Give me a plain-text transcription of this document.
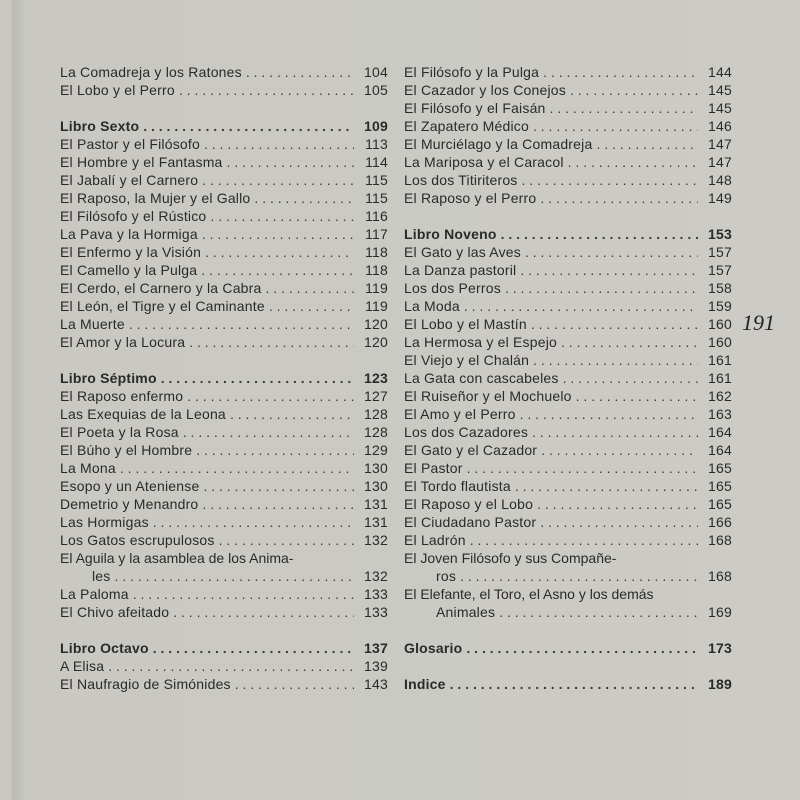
La Comadreja y los Ratones . . .	104
El Lobo y el Perro . . .	105
Libro Sexto . . .	109
El Pastor y el Filósofo . . .	113
El Hombre y el Fantasma . . .	114
El Jabalí y el Carnero . . .	115
El Raposo, la Mujer y el Gallo . . .	115
El Filósofo y el Rústico . . .	116
La Pava y la Hormiga . . .	117
El Enfermo y la Visión . . .	118
El Camello y la Pulga . . .	118
El Cerdo, el Carnero y la Cabra . . .	119
El León, el Tigre y el Caminante . . .	119
La Muerte . . .	120
El Amor y la Locura . . .	120
Libro Séptimo . . .	123
El Raposo enfermo . . .	127
Las Exequias de la Leona . . .	128
El Poeta y la Rosa . . .	128
El Búho y el Hombre . . .	129
La Mona . . .	130
Esopo y un Ateniense . . .	130
Demetrio y Menandro . . .	131
Las Hormigas . . .	131
Los Gatos escrupulosos . . .	132
El Aguila y la asamblea de los Anima-
les . . .	132
La Paloma . . .	133
El Chivo afeitado . . .	133
Libro Octavo . . .	137
A Elisa . . .	139
El Naufragio de Simónides . . .	143
El Filósofo y la Pulga . . .	144
El Cazador y los Conejos . . .	145
El Filósofo y el Faisán . . .	145
El Zapatero Médico . . .	146
El Murciélago y la Comadreja . . .	147
La Mariposa y el Caracol . . .	147
Los dos Titiriteros . . .	148
El Raposo y el Perro . . .	149
Libro Noveno . . .	153
El Gato y las Aves . . .	157
La Danza pastoril . . .	157
Los dos Perros . . .	158
La Moda . . .	159
El Lobo y el Mastín . . .	160
La Hermosa y el Espejo . . .	160
El Viejo y el Chalán . . .	161
La Gata con cascabeles . . .	161
El Ruiseñor y el Mochuelo . . .	162
El Amo y el Perro . . .	163
Los dos Cazadores . . .	164
El Gato y el Cazador . . .	164
El Pastor . . .	165
El Tordo flautista . . .	165
El Raposo y el Lobo . . .	165
El Ciudadano Pastor . . .	166
El Ladrón . . .	168
El Joven Filósofo y sus Compañe-
ros . . .	168
El Elefante, el Toro, el Asno y los demás
Animales . . .	169
Glosario . . .	173
Indice . . .	189
191
